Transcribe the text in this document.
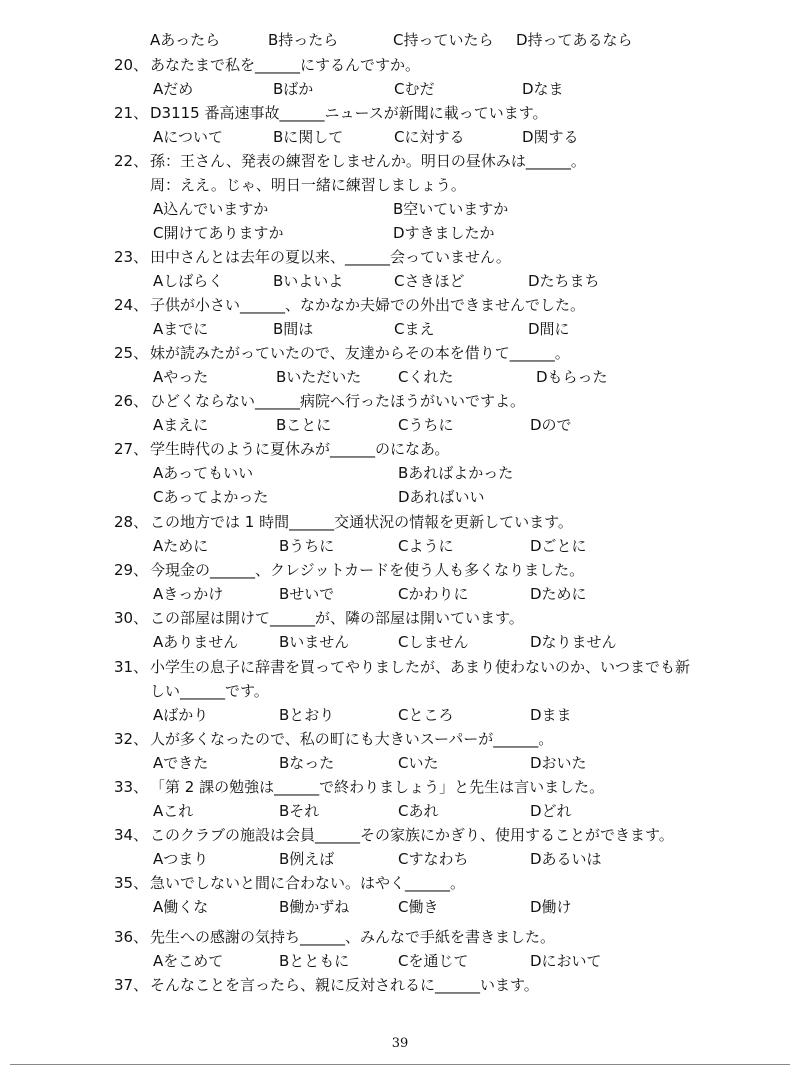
Aあったら	B持ったら	C持っていたら D持ってあるなら
20、 あなたまで私を______にするんですか。
Aだめ	Bばか	Cむだ	Dなま
21、 D3115 番高速事故______ニュースが新聞に載っています。
Aについて	Bに関して	Cに対する	D関する
22、 孫：王さん、発表の練習をしませんか。明日の昼休みは______。
周：ええ。じゃ、明日一緒に練習しましょう。
A込んでいますか	B空いていますか
C開けてありますか	Dすきましたか
23、 田中さんとは去年の夏以来、______会っていません。
Aしばらく	Bいよいよ	Cさきほど	Dたちまち
24、 子供が小さい______、なかなか夫婦での外出できませんでした。
Aまでに	B間は	Cまえ	D間に
25、 妹が読みたがっていたので、友達からその本を借りて______。
Aやった	Bいただいた Cくれた	Dもらった
26、 ひどくならない______病院へ行ったほうがいいですよ。
Aまえに	Bことに	Cうちに	Dので
27、 学生時代のように夏休みが______のになあ。
Aあってもいい	Bあればよかった
Cあってよかった	Dあればいい
28、 この地方では 1 時間______交通状況の情報を更新しています。
Aために	Bうちに	Cように	Dごとに
29、 今現金の______、クレジットカードを使う人も多くなりました。
Aきっかけ	Bせいで	Cかわりに	Dために
30、 この部屋は開けて______が、隣の部屋は開いています。
Aありません	Bいません	Cしません	Dなりません
31、 小学生の息子に辞書を買ってやりましたが、あまり使わないのか、いつまでも新
しい______です。
Aばかり	Bとおり	Cところ	Dまま
32、 人が多くなったので、私の町にも大きいスーパーが______。
Aできた	Bなった	Cいた	Dおいた
33、 「第 2 課の勉強は______で終わりましょう」と先生は言いました。
Aこれ	Bそれ	Cあれ	Dどれ
34、 このクラブの施設は会員______その家族にかぎり、使用することができます。
Aつまり	B例えば	Cすなわち	Dあるいは
35、 急いでしないと間に合わない。はやく______。
A働くな	B働かずね	C働き	D働け
36、 先生への感謝の気持ち______、みんなで手紙を書きました。
Aをこめて	Bとともに	Cを通じて	Dにおいて
37、 そんなことを言ったら、親に反対されるに______います。
39
